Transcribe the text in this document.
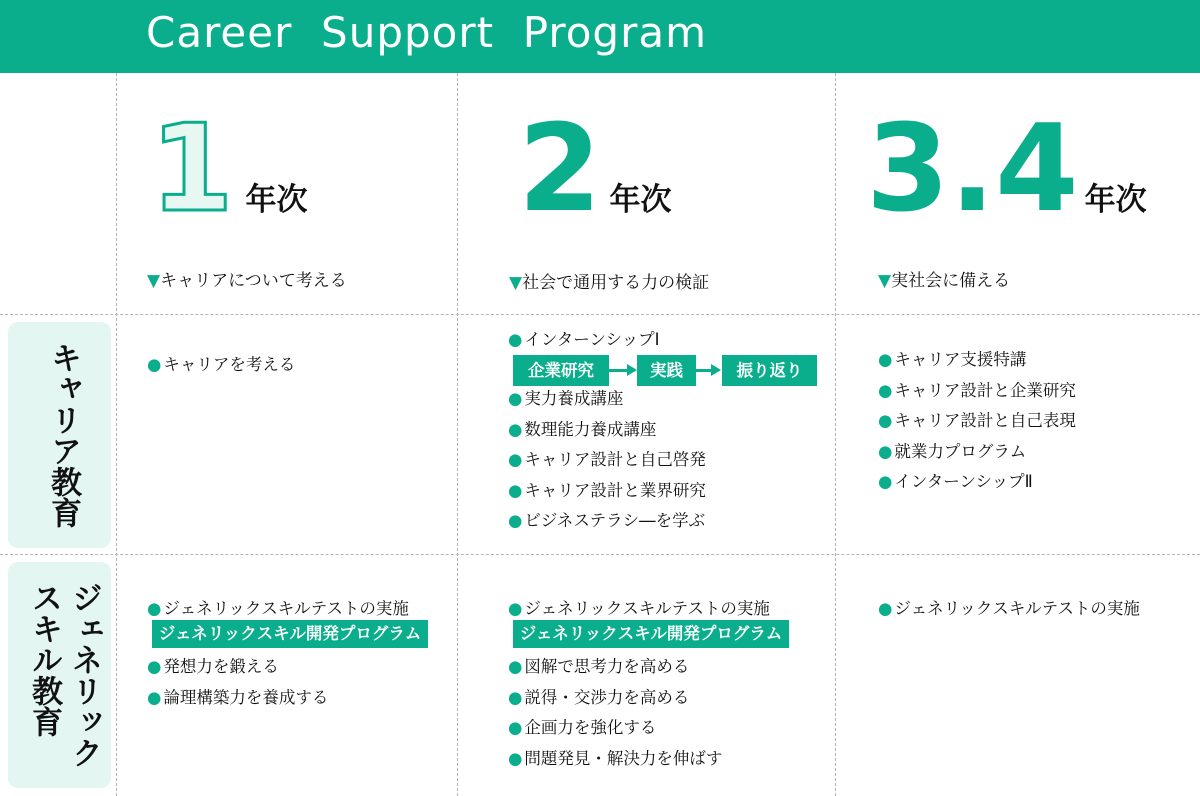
Career  Support  Program
キャリア教育
ジェネリック
スキル教育
1 年次
▼キャリアについて考える
2 年次
▼社会で通用する力の検証
3.4 年次
▼実社会に備える
● キャリアを考える
● インターンシップⅠ
企業研究	実践	振り返り
● 実力養成講座
● 数理能力養成講座
● キャリア設計と自己啓発
● キャリア設計と業界研究
● ビジネステラシ―を学ぶ
● キャリア支援特講
● キャリア設計と企業研究
● キャリア設計と自己表現
● 就業力プログラム
● インターンシップⅡ
● ジェネリックスキルテストの実施
ジェネリックスキル開発プログラム
● 発想力を鍛える
● 論理構築力を養成する
● ジェネリックスキルテストの実施
ジェネリックスキル開発プログラム
● 図解で思考力を高める
● 説得・交渉力を高める
● 企画力を強化する
● 問題発見・解決力を伸ばす
● ジェネリックスキルテストの実施
